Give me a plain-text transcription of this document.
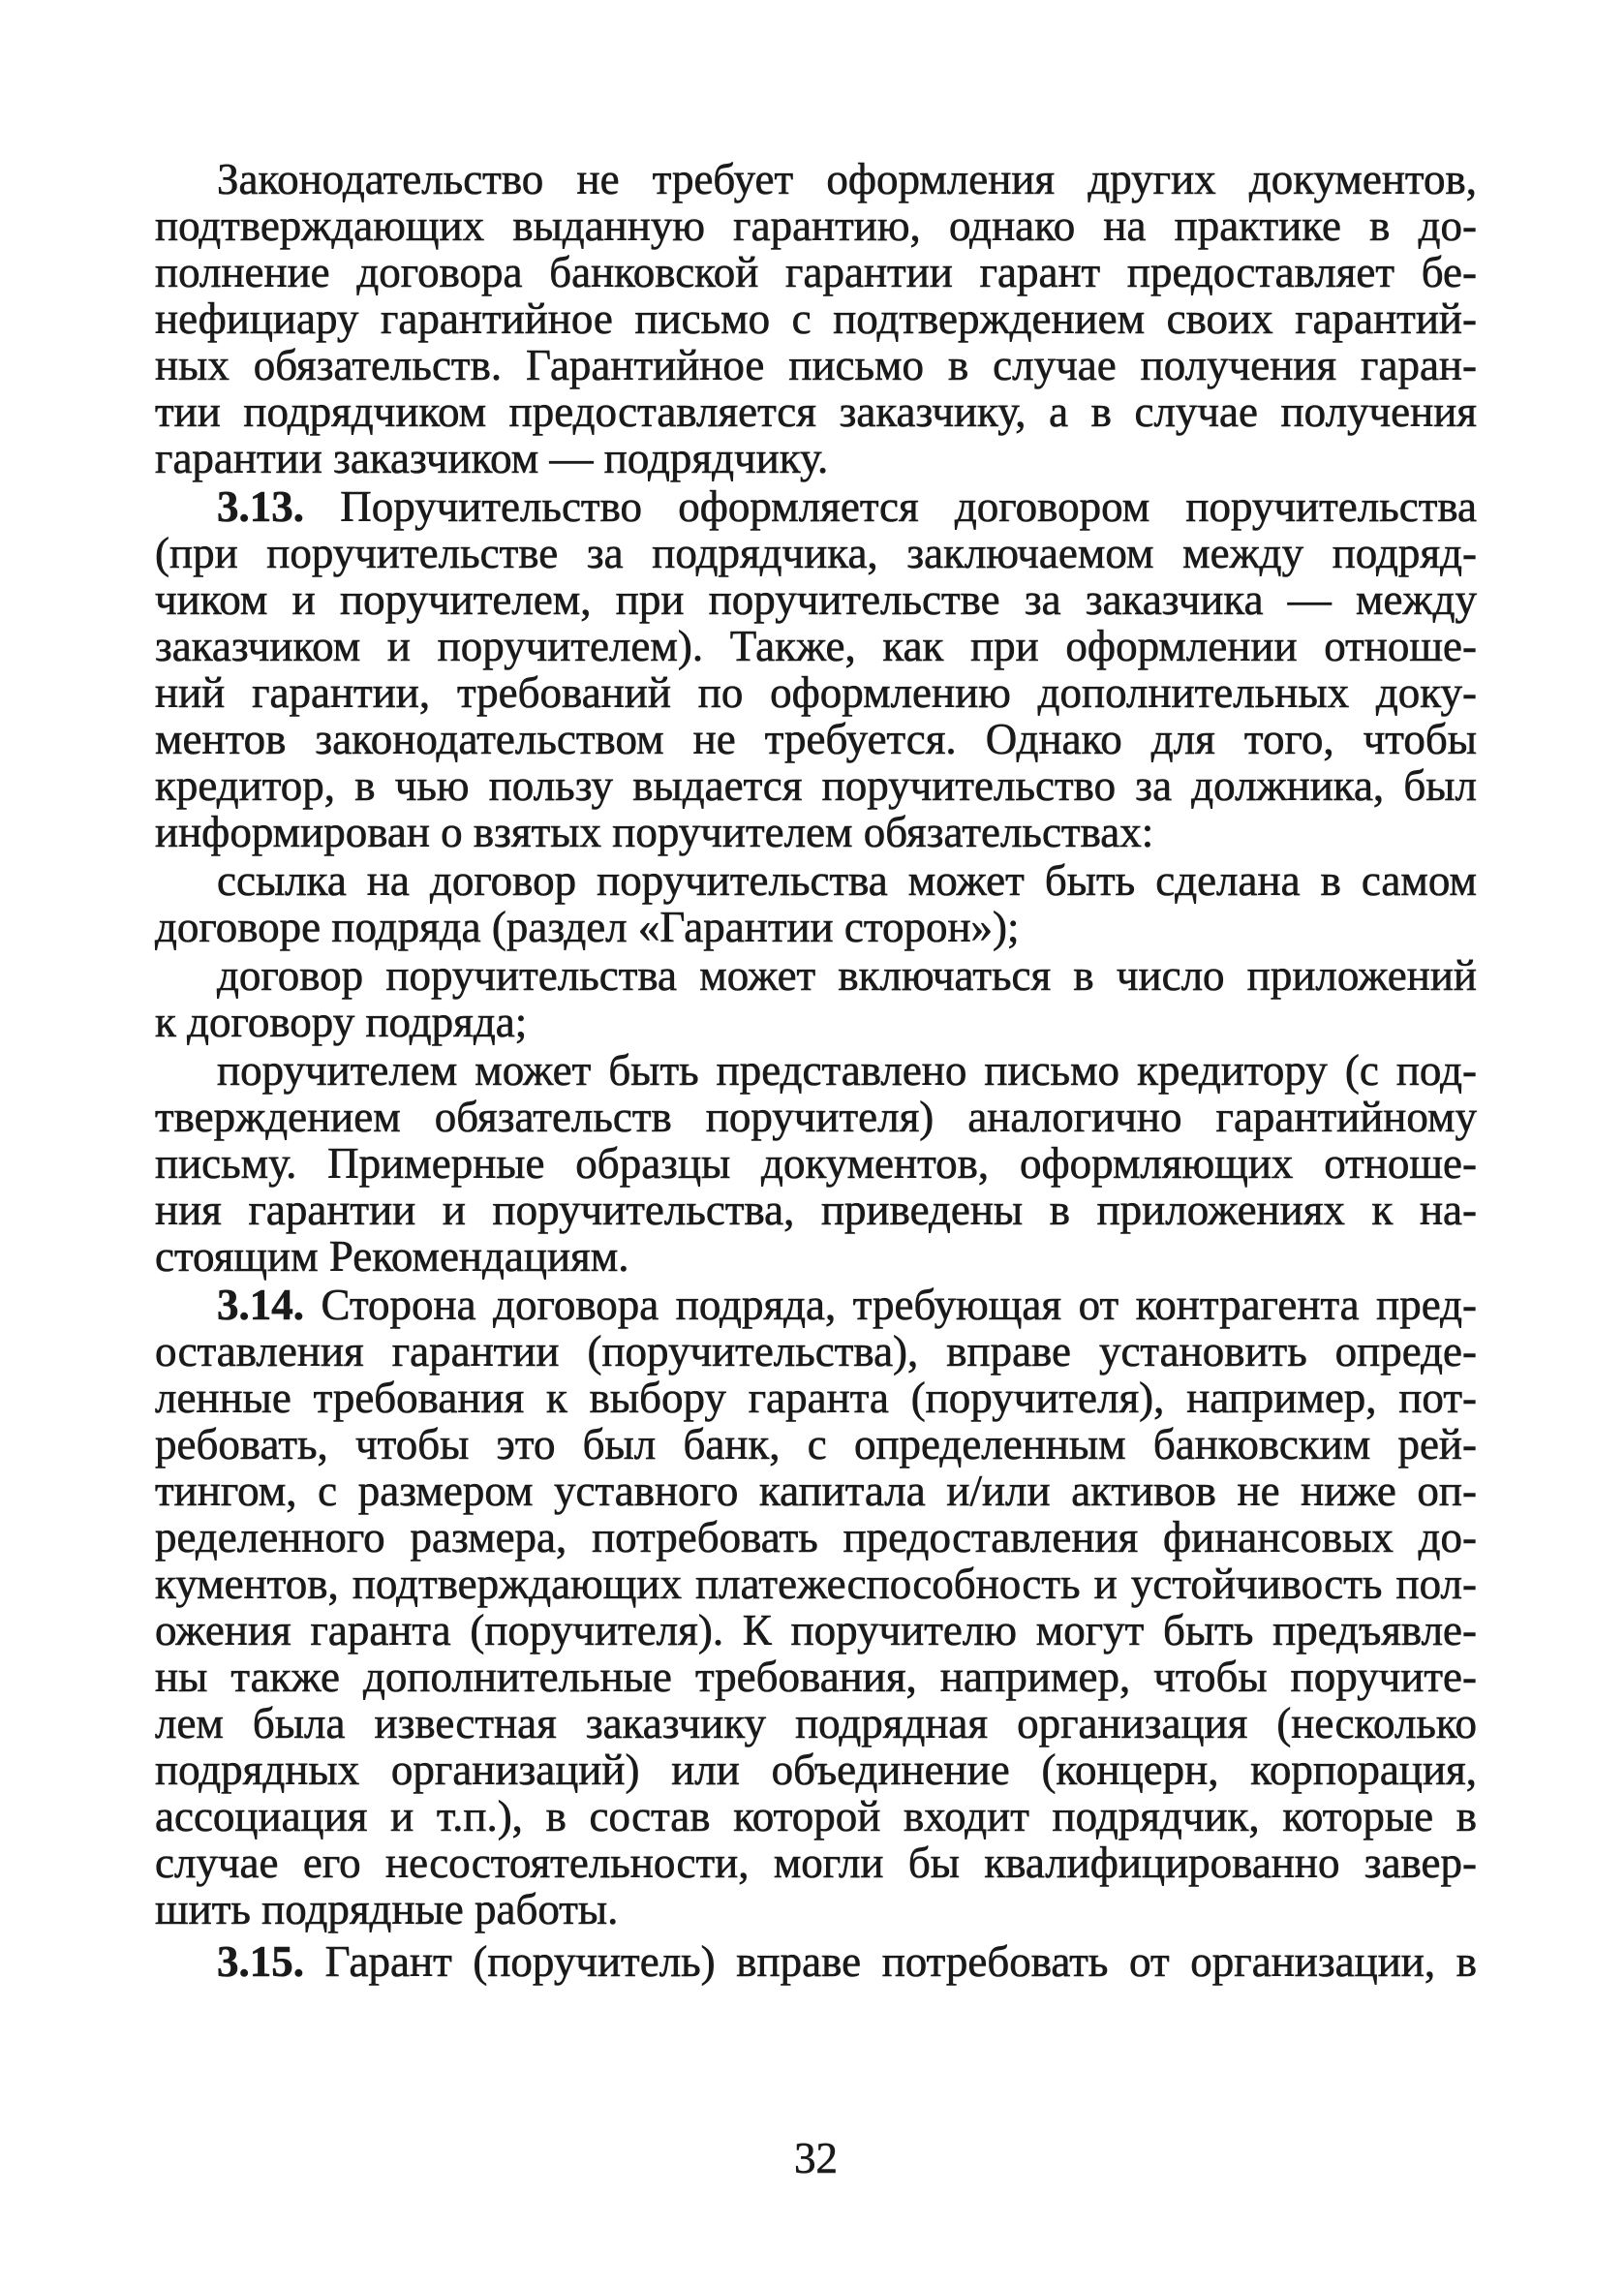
Законодательство не требует оформления других документов,
подтверждающих выданную гарантию, однако на практике в до-
полнение договора банковской гарантии гарант предоставляет бе-
нефициару гарантийное письмо с подтверждением своих гарантий-
ных обязательств. Гарантийное письмо в случае получения гаран-
тии подрядчиком предоставляется заказчику, а в случае получения
гарантии заказчиком — подрядчику.
3.13. Поручительство оформляется договором поручительства
(при поручительстве за подрядчика, заключаемом между подряд-
чиком и поручителем, при поручительстве за заказчика — между
заказчиком и поручителем). Также, как при оформлении отноше-
ний гарантии, требований по оформлению дополнительных доку-
ментов законодательством не требуется. Однако для того, чтобы
кредитор, в чью пользу выдается поручительство за должника, был
информирован о взятых поручителем обязательствах:
ссылка на договор поручительства может быть сделана в самом
договоре подряда (раздел «Гарантии сторон»);
договор поручительства может включаться в число приложений
к договору подряда;
поручителем может быть представлено письмо кредитору (с под-
тверждением обязательств поручителя) аналогично гарантийному
письму. Примерные образцы документов, оформляющих отноше-
ния гарантии и поручительства, приведены в приложениях к на-
стоящим Рекомендациям.
3.14. Сторона договора подряда, требующая от контрагента пред-
оставления гарантии (поручительства), вправе установить опреде-
ленные требования к выбору гаранта (поручителя), например, пот-
ребовать, чтобы это был банк, с определенным банковским рей-
тингом, с размером уставного капитала и/или активов не ниже оп-
ределенного размера, потребовать предоставления финансовых до-
кументов, подтверждающих платежеспособность и устойчивость пол-
ожения гаранта (поручителя). К поручителю могут быть предъявле-
ны также дополнительные требования, например, чтобы поручите-
лем была известная заказчику подрядная организация (несколько
подрядных организаций) или объединение (концерн, корпорация,
ассоциация и т.п.), в состав которой входит подрядчик, которые в
случае его несостоятельности, могли бы квалифицированно завер-
шить подрядные работы.
3.15. Гарант (поручитель) вправе потребовать от организации, в
32
